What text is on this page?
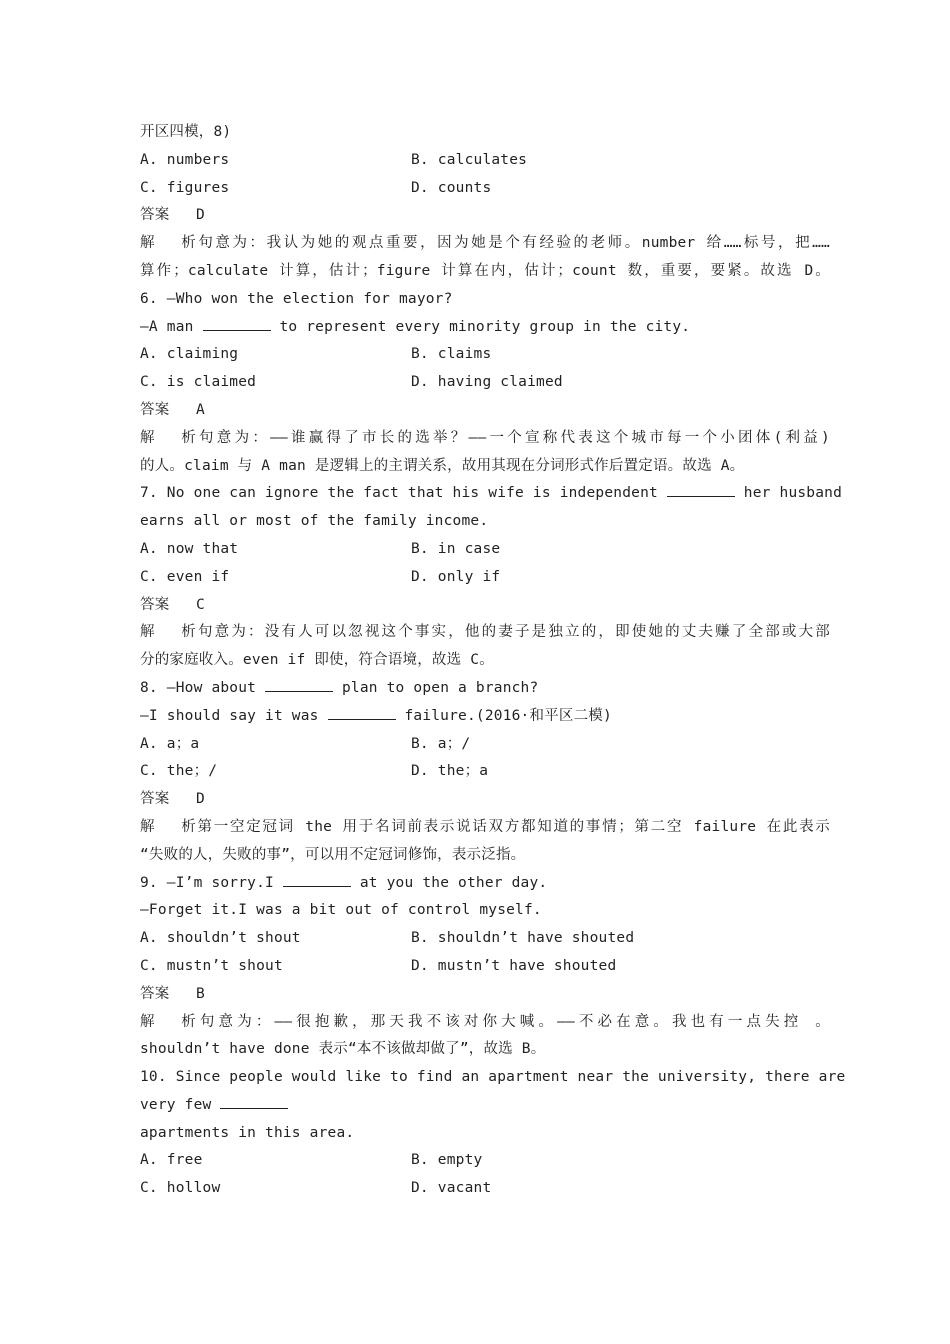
开区四模，8)
A. numbers	B. calculates
C. figures	D. counts
答案 D
解析句意为：我认为她的观点重要，因为她是个有经验的老师。number 给……标号，把……
算作；calculate 计算，估计；figure 计算在内，估计；count 数，重要，要紧。故选 D。
6. —Who won the election for mayor?
—A man	to represent every minority group in the city.
A. claiming	B. claims
C. is claimed	D. having claimed
答案 A
解析句意为：——谁赢得了市长的选举？——一个宣称代表这个城市每一个小团体(利益)
的人。claim 与 A man 是逻辑上的主谓关系，故用其现在分词形式作后置定语。故选 A。
7. No one can ignore the fact that his wife is independent	her husband
earns all or most of the family income.
A. now that	B. in case
C. even if	D. only if
答案 C
解析句意为：没有人可以忽视这个事实，他的妻子是独立的，即使她的丈夫赚了全部或大部
分的家庭收入。even if 即使，符合语境，故选 C。
8. —How about	plan to open a branch?
—I should say it was	failure.(2016·和平区二模)
A. a；a	B. a；/
C. the；/	D. the；a
答案 D
解析第一空定冠词 the 用于名词前表示说话双方都知道的事情；第二空 failure 在此表示
“失败的人，失败的事”，可以用不定冠词修饰，表示泛指。
9. —I’m sorry.I	at you the other day.
—Forget it.I was a bit out of control myself.
A. shouldn’t shout	B. shouldn’t have shouted
C. mustn’t shout	D. mustn’t have shouted
答案 B
解析句意为：——很抱歉，那天我不该对你大喊。——不必在意。我也有一点失控 。
shouldn’t have done 表示“本不该做却做了”，故选 B。
10. Since people would like to find an apartment near the university, there are
very few
apartments in this area.
A. free	B. empty
C. hollow	D. vacant
